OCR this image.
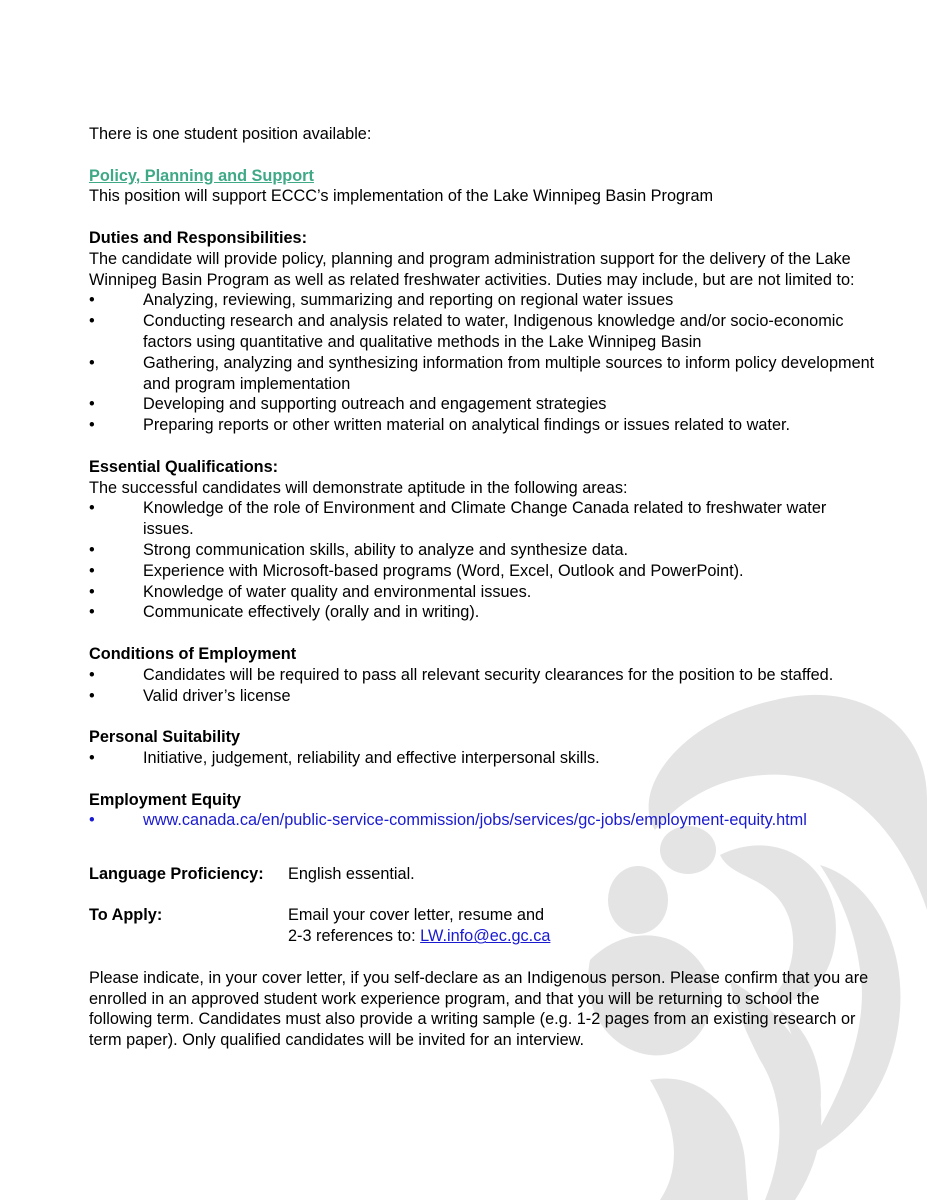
There is one student position available:

Policy, Planning and Support

This position will support ECCC’s implementation of the Lake Winnipeg Basin Program

Duties and Responsibilities:

The candidate will provide policy, planning and program administration support for the delivery of the Lake Winnipeg Basin Program as well as related freshwater activities. Duties may include, but are not limited to:

•	Analyzing, reviewing, summarizing and reporting on regional water issues
•	Conducting research and analysis related to water, Indigenous knowledge and/or socio-economic factors using quantitative and qualitative methods in the Lake Winnipeg Basin
•	Gathering, analyzing and synthesizing information from multiple sources to inform policy development and program implementation
•	Developing and supporting outreach and engagement strategies
•	Preparing reports or other written material on analytical findings or issues related to water.

Essential Qualifications:

The successful candidates will demonstrate aptitude in the following areas:

•	Knowledge of the role of Environment and Climate Change Canada related to freshwater water issues.
•	Strong communication skills, ability to analyze and synthesize data.
•	Experience with Microsoft-based programs (Word, Excel, Outlook and PowerPoint).
•	Knowledge of water quality and environmental issues.
•	Communicate effectively (orally and in writing).

Conditions of Employment

•	Candidates will be required to pass all relevant security clearances for the position to be staffed.
•	Valid driver’s license

Personal Suitability

•	Initiative, judgement, reliability and effective interpersonal skills.

Employment Equity

•	www.canada.ca/en/public-service-commission/jobs/services/gc-jobs/employment-equity.html
Language Proficiency:	English essential.
To Apply:	Email your cover letter, resume and

2-3 references to: LW.info@ec.gc.ca

Please indicate, in your cover letter, if you self-declare as an Indigenous person. Please confirm that you are enrolled in an approved student work experience program, and that you will be returning to school the following term. Candidates must also provide a writing sample (e.g. 1-2 pages from an existing research or term paper). Only qualified candidates will be invited for an interview.
